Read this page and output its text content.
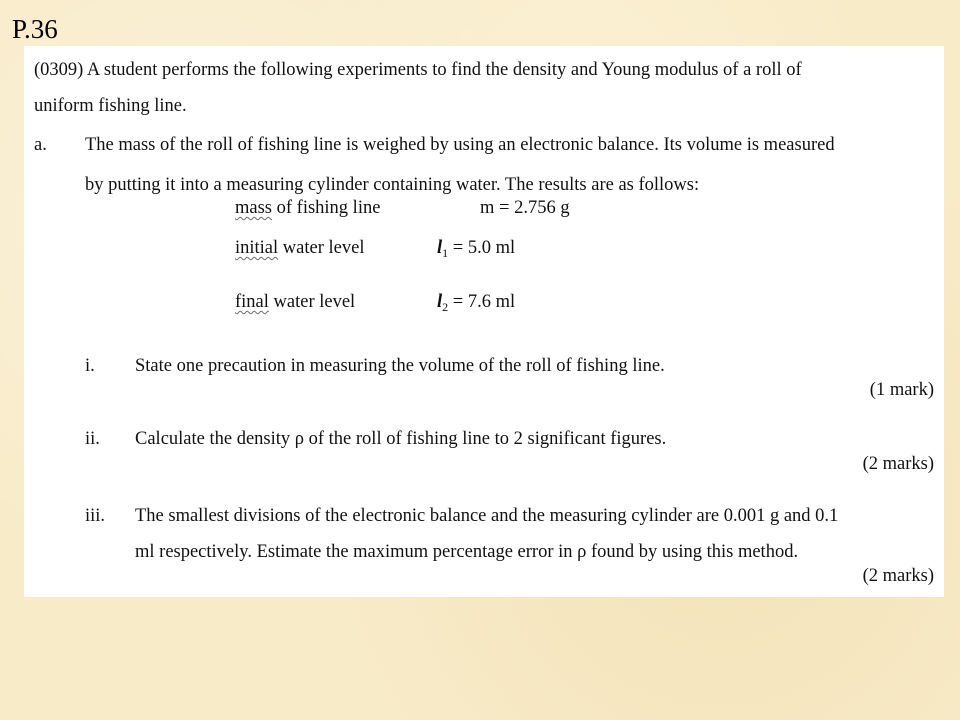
P.36
(0309) A student performs the following experiments to find the density and Young modulus of a roll of
uniform fishing line.
a. The mass of the roll of fishing line is weighed by using an electronic balance. Its volume is measured
by putting it into a measuring cylinder containing water. The results are as follows:
mass of fishing line	m = 2.756 g
initial water level	$l_1 = 5.0$ ml
final water level	$l_2 = 7.6$ ml
i. State one precaution in measuring the volume of the roll of fishing line.
(1 mark)
ii. Calculate the density ρ of the roll of fishing line to 2 significant figures.
(2 marks)
iii. The smallest divisions of the electronic balance and the measuring cylinder are 0.001 g and 0.1
ml respectively. Estimate the maximum percentage error in ρ found by using this method.
(2 marks)
